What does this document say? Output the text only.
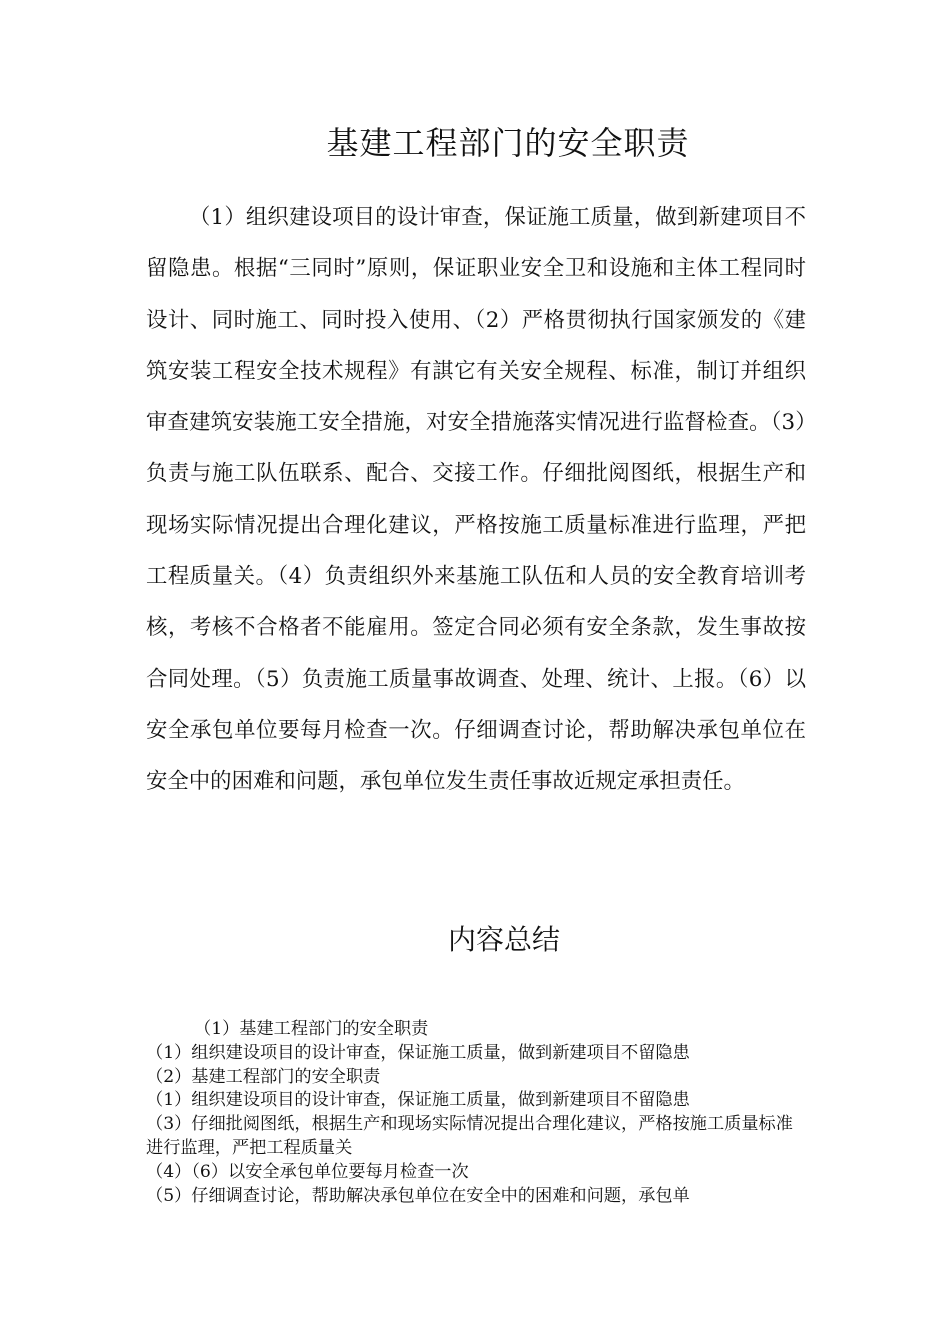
基建工程部门的安全职责

（1）组织建设项目的设计审查，保证施工质量，做到新建项目不留隐患。根据“三同时”原则，保证职业安全卫和设施和主体工程同时设计、同时施工、同时投入使用、（2）严格贯彻执行国家颁发的《建筑安装工程安全技术规程》有諆它有关安全规程、标准，制订并组织审查建筑安装施工安全措施，对安全措施落实情况进行监督检查。（3）负责与施工队伍联系、配合、交接工作。仔细批阅图纸，根据生产和现场实际情况提出合理化建议，严格按施工质量标准进行监理，严把工程质量关。（4）负责组织外来基施工队伍和人员的安全教育培训考核，考核不合格者不能雇用。签定合同必须有安全条款，发生事故按合同处理。（5）负责施工质量事故调查、处理、统计、上报。（6）以安全承包单位要每月检查一次。仔细调查讨论，帮助解决承包单位在安全中的困难和问题，承包单位发生责任事故近规定承担责任。

内容总结
（1）基建工程部门的安全职责
（1）组织建设项目的设计审查，保证施工质量，做到新建项目不留隐患
（2）基建工程部门的安全职责
（1）组织建设项目的设计审查，保证施工质量，做到新建项目不留隐患
（3）仔细批阅图纸，根据生产和现场实际情况提出合理化建议，严格按施工质量标准进行监理，严把工程质量关
（4）（6）以安全承包单位要每月检查一次
（5）仔细调查讨论，帮助解决承包单位在安全中的困难和问题，承包单
